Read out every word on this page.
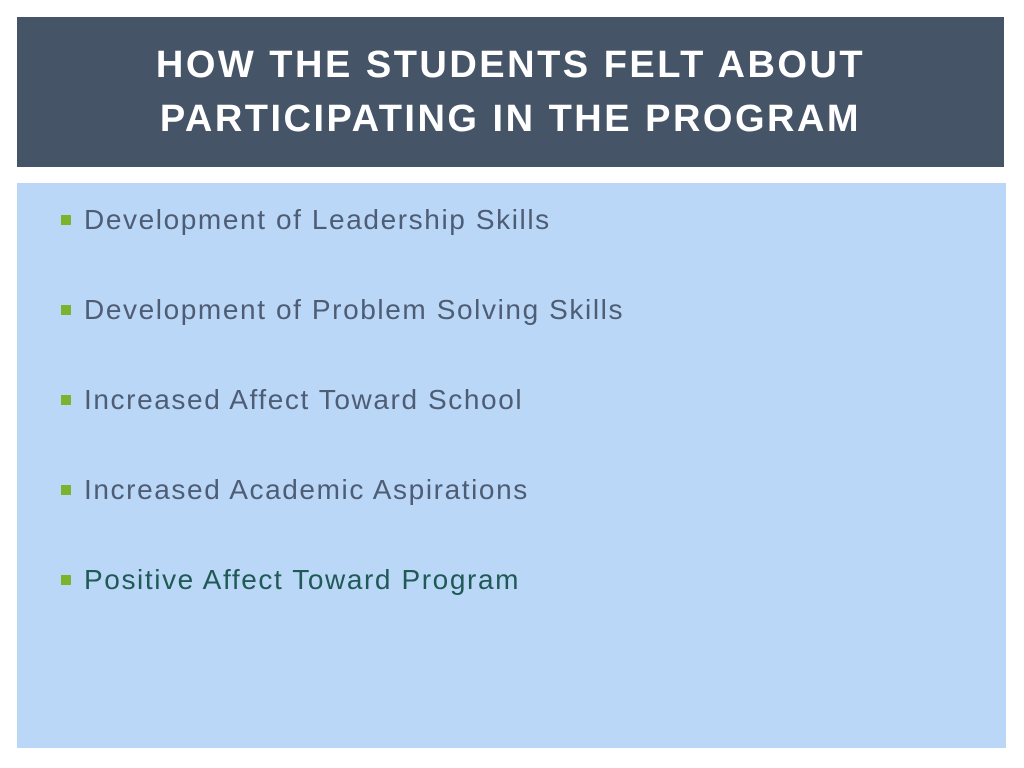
HOW THE STUDENTS FELT ABOUT
PARTICIPATING IN THE PROGRAM
Development of Leadership Skills
Development of Problem Solving Skills
Increased Affect Toward School
Increased Academic Aspirations
Positive Affect Toward Program
